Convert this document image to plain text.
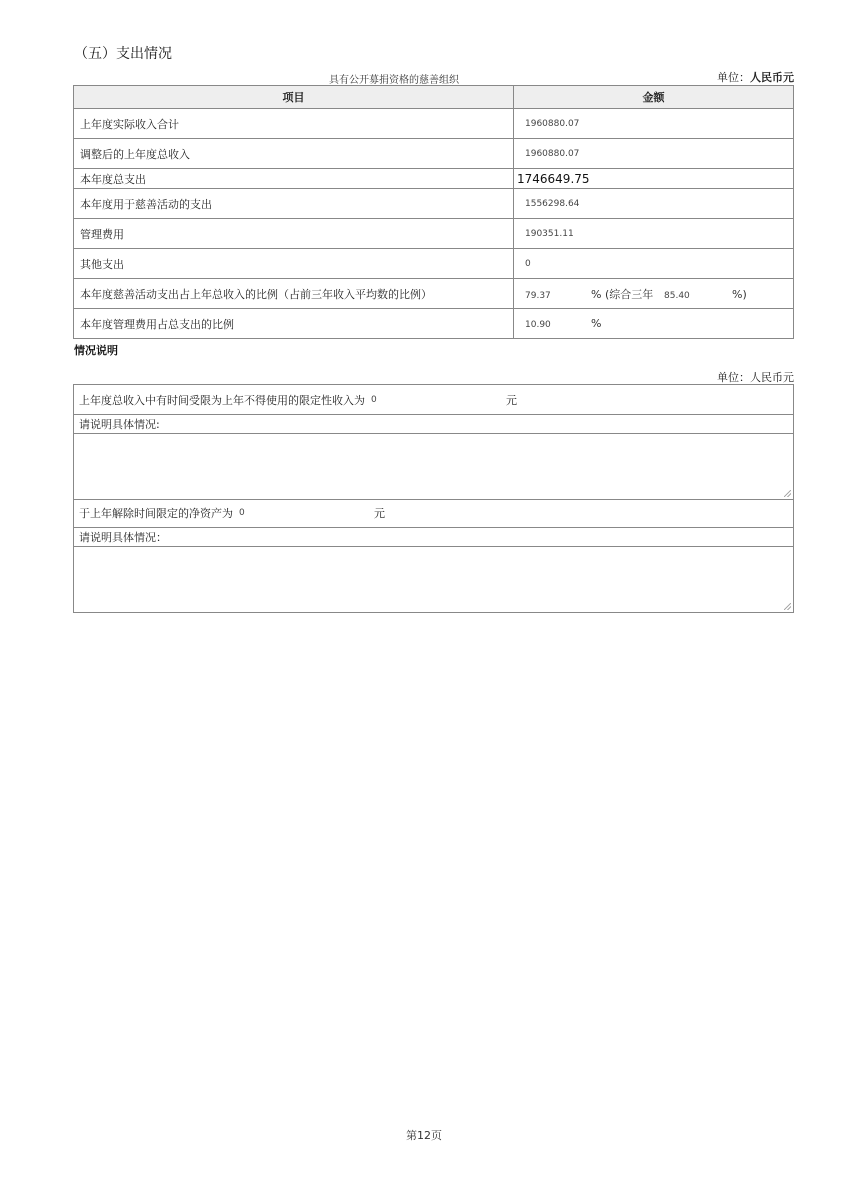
（五）支出情况
具有公开募捐资格的慈善组织	单位：人民币元
项目	金额
上年度实际收入合计	1960880.07
调整后的上年度总收入	1960880.07
本年度总支出	1746649.75
本年度用于慈善活动的支出	1556298.64
管理费用	190351.11
其他支出	0
本年度慈善活动支出占上年总收入的比例（占前三年收入平均数的比例）	79.37 % (综合三年 85.40 %)
本年度管理费用占总支出的比例	10.90 %
情况说明
单位：人民币元
上年度总收入中有时间受限为上年不得使用的限定性收入为 0	元
请说明具体情况:
于上年解除时间限定的净资产为 0	元
请说明具体情况：
第12页
